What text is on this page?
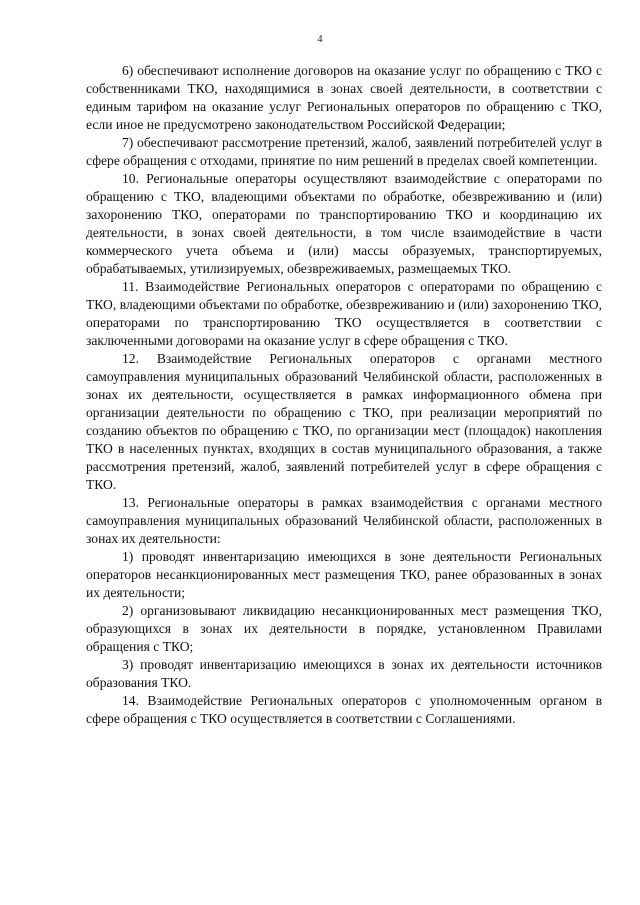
4

6) обеспечивают исполнение договоров на оказание услуг по обращению с ТКО с собственниками ТКО, находящимися в зонах своей деятельности, в соответствии с единым тарифом на оказание услуг Региональных операторов по обращению с ТКО, если иное не предусмотрено законодательством Российской Федерации;

7) обеспечивают рассмотрение претензий, жалоб, заявлений потребителей услуг в сфере обращения с отходами, принятие по ним решений в пределах своей компетенции.

10. Региональные операторы осуществляют взаимодействие с операторами по обращению с ТКО, владеющими объектами по обработке, обезвреживанию и (или) захоронению ТКО, операторами по транспортированию ТКО и координацию их деятельности, в зонах своей деятельности, в том числе взаимодействие в части коммерческого учета объема и (или) массы образуемых, транспортируемых, обрабатываемых, утилизируемых, обезвреживаемых, размещаемых ТКО.

11. Взаимодействие Региональных операторов с операторами по обращению с ТКО, владеющими объектами по обработке, обезвреживанию и (или) захоронению ТКО, операторами по транспортированию ТКО осуществляется в соответствии с заключенными договорами на оказание услуг в сфере обращения с ТКО.

12. Взаимодействие Региональных операторов с органами местного самоуправления муниципальных образований Челябинской области, расположенных в зонах их деятельности, осуществляется в рамках информационного обмена при организации деятельности по обращению с ТКО, при реализации мероприятий по созданию объектов по обращению с ТКО, по организации мест (площадок) накопления ТКО в населенных пунктах, входящих в состав муниципального образования, а также рассмотрения претензий, жалоб, заявлений потребителей услуг в сфере обращения с ТКО.

13. Региональные операторы в рамках взаимодействия с органами местного самоуправления муниципальных образований Челябинской области, расположенных в зонах их деятельности:

1) проводят инвентаризацию имеющихся в зоне деятельности Региональных операторов несанкционированных мест размещения ТКО, ранее образованных в зонах их деятельности;

2) организовывают ликвидацию несанкционированных мест размещения ТКО, образующихся в зонах их деятельности в порядке, установленном Правилами обращения с ТКО;

3) проводят инвентаризацию имеющихся в зонах их деятельности источников образования ТКО.

14. Взаимодействие Региональных операторов с уполномоченным органом в сфере обращения с ТКО осуществляется в соответствии с Соглашениями.
